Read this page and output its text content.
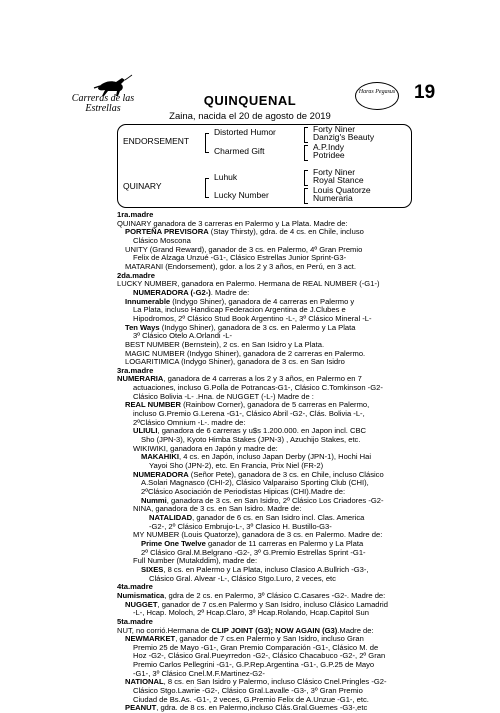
Carreras de las Estrellas
QUINQUENAL
Zaina, nacida el 20 de agosto de 2019
Haras Pegasus 19
ENDORSEMENT
QUINARY
Distorted Humor
Charmed Gift
Luhuk
Lucky Number
Forty Niner
Danzig's Beauty
A.P.Indy
Potridee
Forty Niner
Royal Stance
Louis Quatorze
Numeraria
1ra.madre
QUINARY ganadora de 3 carreras en Palermo y La Plata. Madre de:
PORTEÑA PREVISORA (Stay Thirsty), gdra. de 4 cs. en Chile, incluso
Clásico Moscona
UNITY (Grand Reward), ganador de 3 cs. en Palermo, 4º Gran Premio
Felix de Alzaga Unzué -G1-, Clásico Estrellas Junior Sprint-G3-
MATARANI (Endorsement), gdor. a los 2 y 3 años, en Perú, en 3 act.
2da.madre
LUCKY NUMBER, ganadora en Palermo. Hermana de REAL NUMBER (-G1-)
NUMERADORA (-G2-). Madre de:
Innumerable (Indygo Shiner), ganadora de 4 carreras en Palermo y
La Plata, incluso Handicap Federacion Argentina de J.Clubes e
Hipodromos, 2º Clásico Stud Book Argentino -L-, 3º Clásico Mineral -L-
Ten Ways (Indygo Shiner), ganadora de 3 cs. en Palermo y La Plata
3º Clásico Otelo A.Orlandi -L-
BEST NUMBER (Bernstein), 2 cs. en San Isidro y La Plata.
MAGIC NUMBER (Indygo Shiner), ganadora de 2 carreras en Palermo.
LOGARITIMICA (Indygo Shiner), ganadora de 3 cs. en San Isidro
3ra.madre
NUMERARIA, ganadora de 4 carreras a los 2 y 3 años, en Palermo en 7
actuaciones, incluso G.Polla de Potrancas-G1-, Clásico C.Tomkinson -G2-
Clásico Bolivia -L- .Hna. de NUGGET (-L-) Madre de :
REAL NUMBER (Rainbow Corner), ganadora de 5 carreras en Palermo,
incluso G.Premio G.Lerena -G1-, Clásico Abril -G2-, Clás. Bolivia -L-,
2ºClásico Omnium -L-. madre de:
ULIULI, ganadora de 6 carreras y u$s 1.200.000. en Japon incl. CBC
Sho (JPN-3), Kyoto Himba Stakes (JPN-3) , Azuchijo Stakes, etc.
WIKIWIKI, ganadora en Japón y madre de:
MAKAHIKI, 4 cs. en Japón, incluso Japan Derby (JPN-1), Hochi Hai
Yayoi Sho (JPN-2), etc. En Francia, Prix Niel (FR-2)
NUMERADORA (Señor Pete), ganadora de 3 cs. en Chile, incluso Clásico
A.Solari Magnasco (CHI-2), Clásico Valparaiso Sporting Club (CHI),
2ºClásico Asociación de Periodistas Hipicas (CHI).Madre de:
Nummi, ganadora de 3 cs. en San Isidro, 2º Clásico Los Criadores -G2-
NINA, ganadora de 3 cs. en San Isidro. Madre de:
NATALIDAD, ganador de 6 cs. en San Isidro incl. Clas. America
-G2-, 2º Clásico Embrujo-L-, 3º Clasico H. Bustillo-G3-
MY NUMBER (Louis Quatorze), ganadora de 3 cs. en Palermo. Madre de:
Prime One Twelve ganador de 11 carreras en Palermo y La Plata
2º Clásico Gral.M.Belgrano -G2-, 3º G.Premio Estrellas Sprint -G1-
Full Number (Mutakddim), madre de:
SIXES, 8 cs. en Palermo y La Plata, incluso Clasico A.Bullrich -G3-,
Clásico Gral. Alvear -L-, Clásico Stgo.Luro, 2 veces, etc
4ta.madre
Numismatica, gdra de 2 cs. en Palermo, 3º Clásico C.Casares -G2-. Madre de:
NUGGET, ganador de 7 cs.en Palermo y San Isidro, incluso Clásico Lamadrid
-L-, Hcap. Moloch, 2º Hcap.Claro, 3º Hcap.Rolando, Hcap.Capitol Sun
5ta.madre
NUT, no corrió.Hermana de CLIP JOINT (G3); NOW AGAIN (G3).Madre de:
NEWMARKET, ganador de 7 cs.en Palermo y San Isidro, incluso Gran
Premio 25 de Mayo -G1-, Gran Premio Comparación -G1-, Clásico M. de
Hoz -G2-, Clásico Gral.Pueyrredon -G2-, Clásico Chacabuco -G2-, 2º Gran
Premio Carlos Pellegrini -G1-, G.P.Rep.Argentina -G1-, G.P.25 de Mayo
-G1-, 3º Clásico Cnel.M.F.Martinez-G2-
NATIONAL, 8 cs. en San Isidro y Palermo, incluso Clásico Cnel.Pringles -G2-
Clásico Stgo.Lawrie -G2-, Clásico Gral.Lavalle -G3-, 3º Gran Premio
Ciudad de Bs.As. -G1-, 2 veces, G.Premio Felix de A.Unzue -G1-, etc.
PEANUT, gdra. de 8 cs. en Palermo,incluso Clás.Gral.Guemes -G3-,etc
